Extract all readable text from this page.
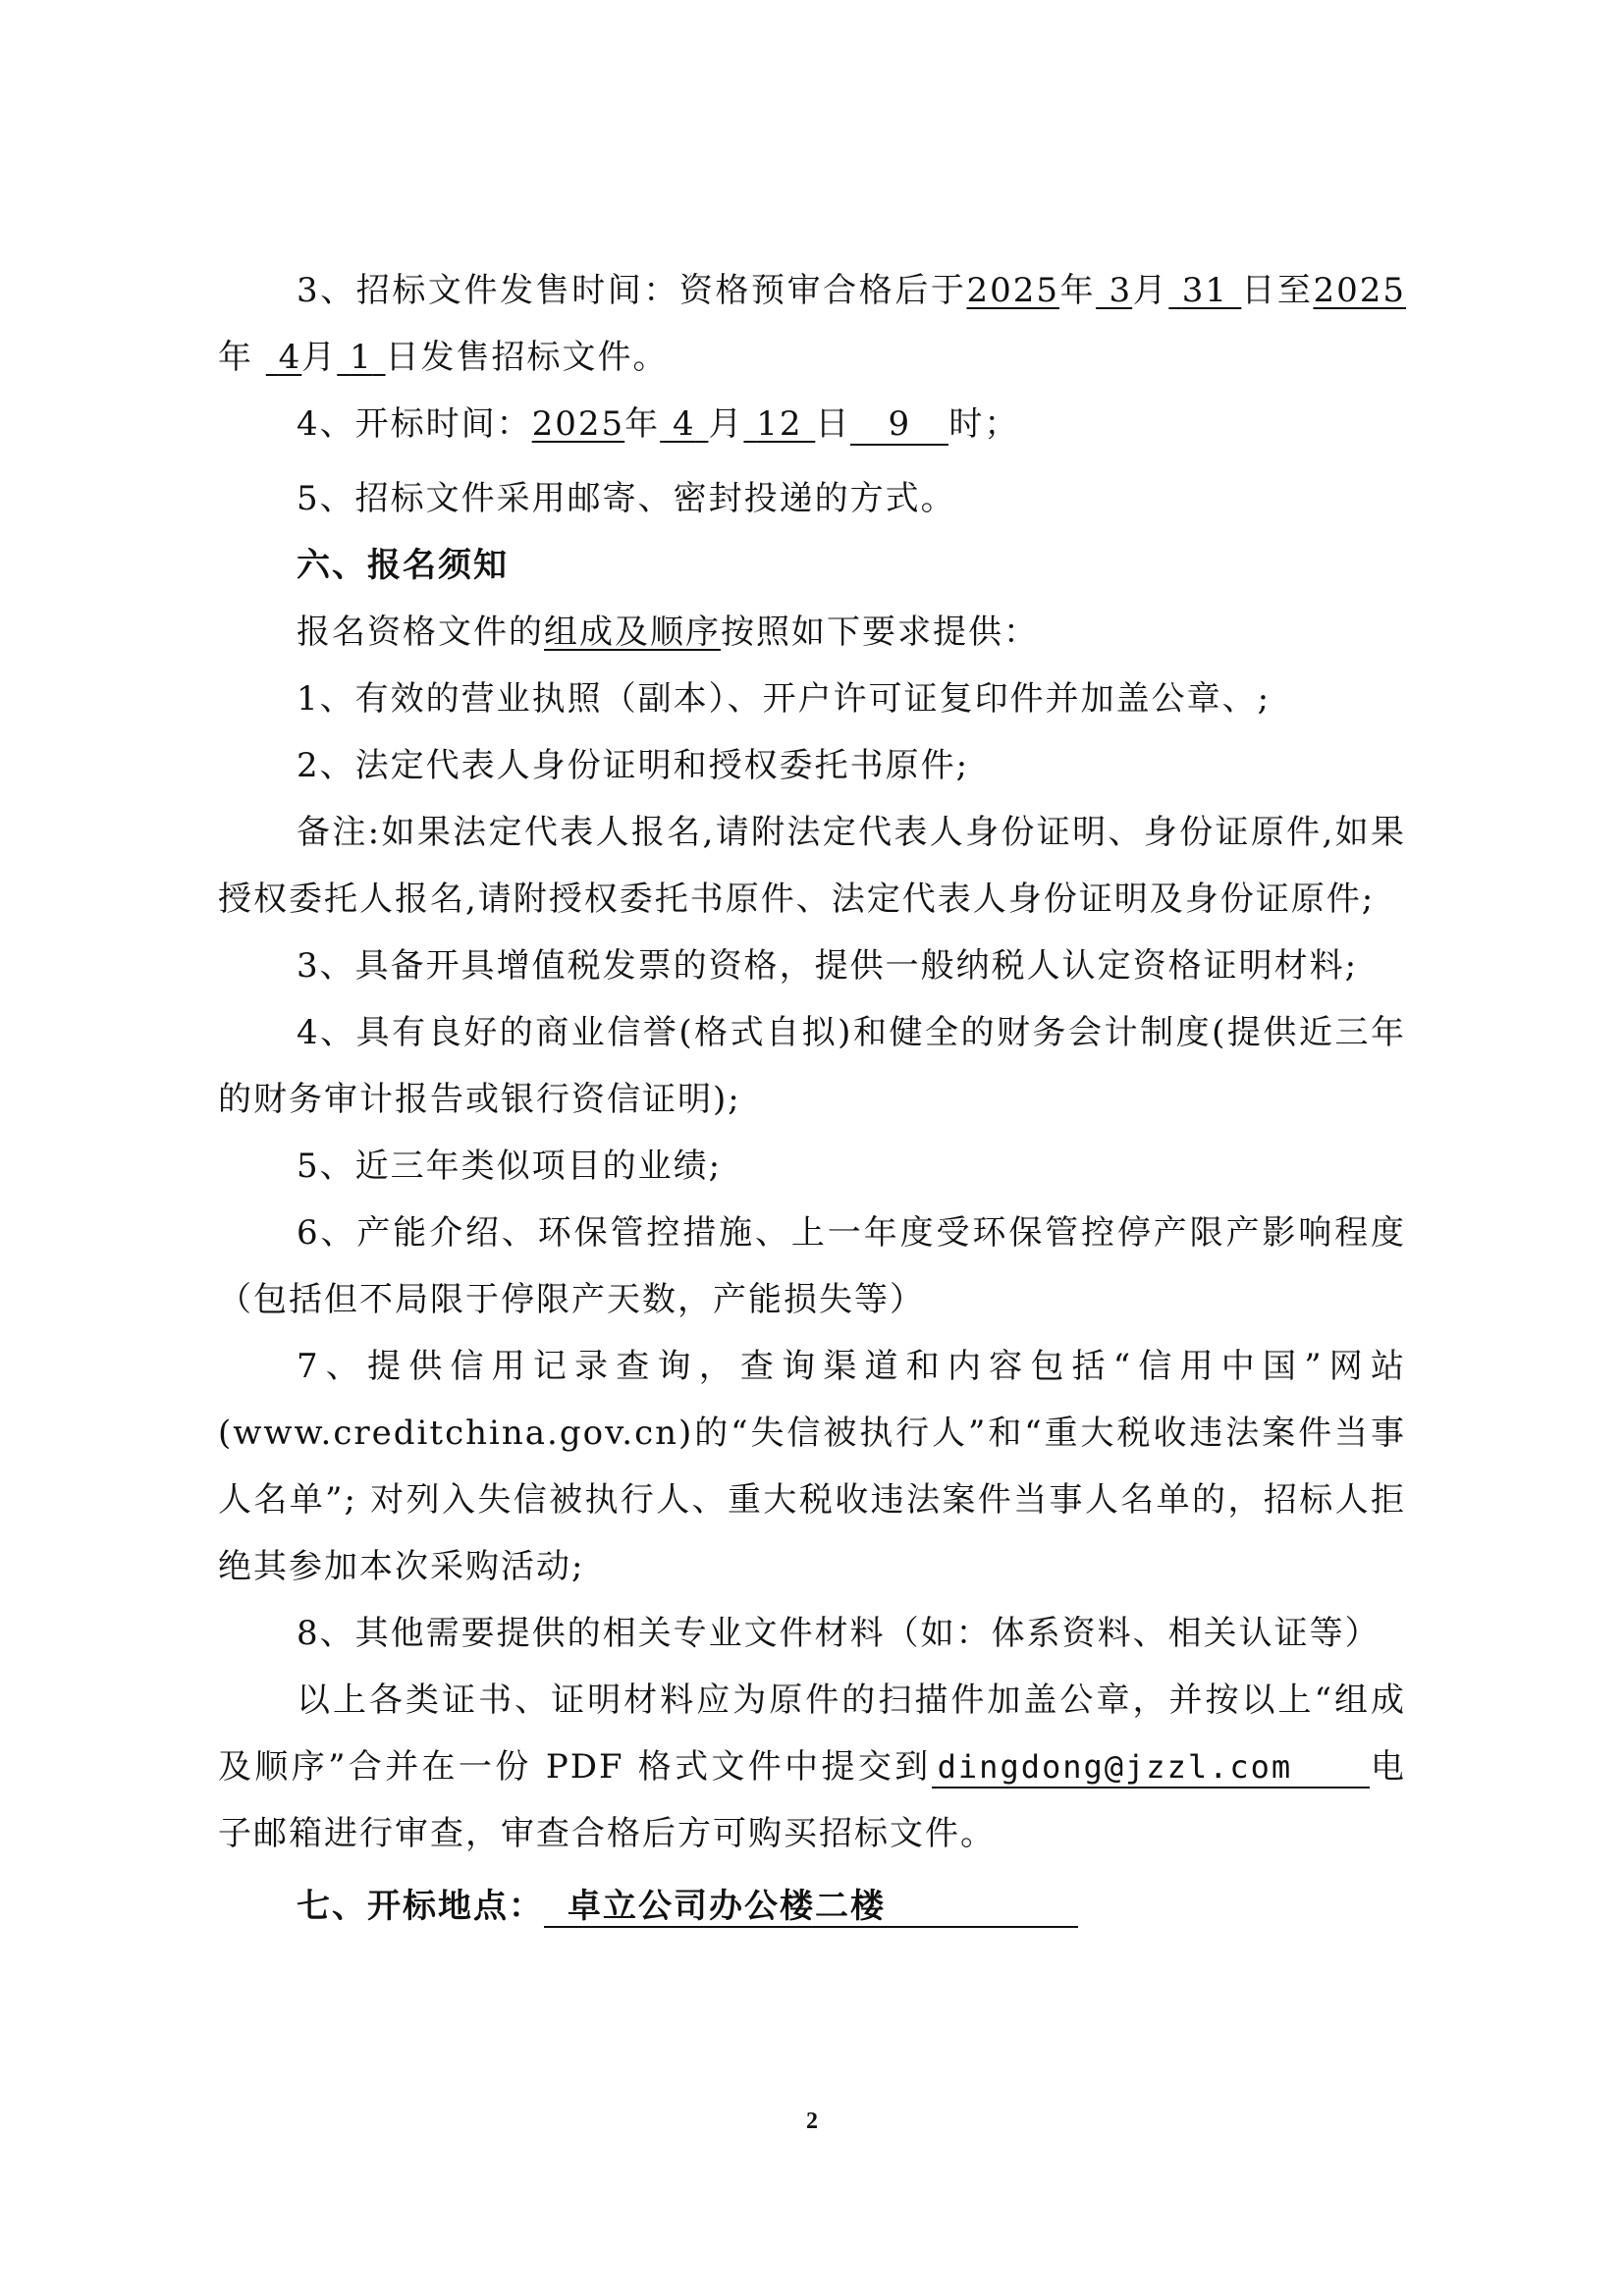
3、招标文件发售时间：资格预审合格后于2025年 3月 31 日至2025年 4月 1 日发售招标文件。

4、开标时间：2025年 4 月 12 日 9 时；

5、招标文件采用邮寄、密封投递的方式。

六、报名须知

报名资格文件的组成及顺序按照如下要求提供：

1、有效的营业执照（副本）、开户许可证复印件并加盖公章、;

2、法定代表人身份证明和授权委托书原件;

备注:如果法定代表人报名,请附法定代表人身份证明、身份证原件,如果授权委托人报名,请附授权委托书原件、法定代表人身份证明及身份证原件;

3、具备开具增值税发票的资格，提供一般纳税人认定资格证明材料;

4、具有良好的商业信誉(格式自拟)和健全的财务会计制度(提供近三年的财务审计报告或银行资信证明);

5、近三年类似项目的业绩;

6、产能介绍、环保管控措施、上一年度受环保管控停产限产影响程度（包括但不局限于停限产天数，产能损失等）

7、提供信用记录查询，查询渠道和内容包括“信用中国”网站(www.creditchina.gov.cn)的“失信被执行人”和“重大税收违法案件当事人名单”; 对列入失信被执行人、重大税收违法案件当事人名单的，招标人拒绝其参加本次采购活动;

8、其他需要提供的相关专业文件材料（如：体系资料、相关认证等）

以上各类证书、证明材料应为原件的扫描件加盖公章，并按以上“组成及顺序”合并在一份 PDF 格式文件中提交到 dingdong@jzzl.com 电子邮箱进行审查，审查合格后方可购买招标文件。

七、开标地点： 卓立公司办公楼二楼

2
